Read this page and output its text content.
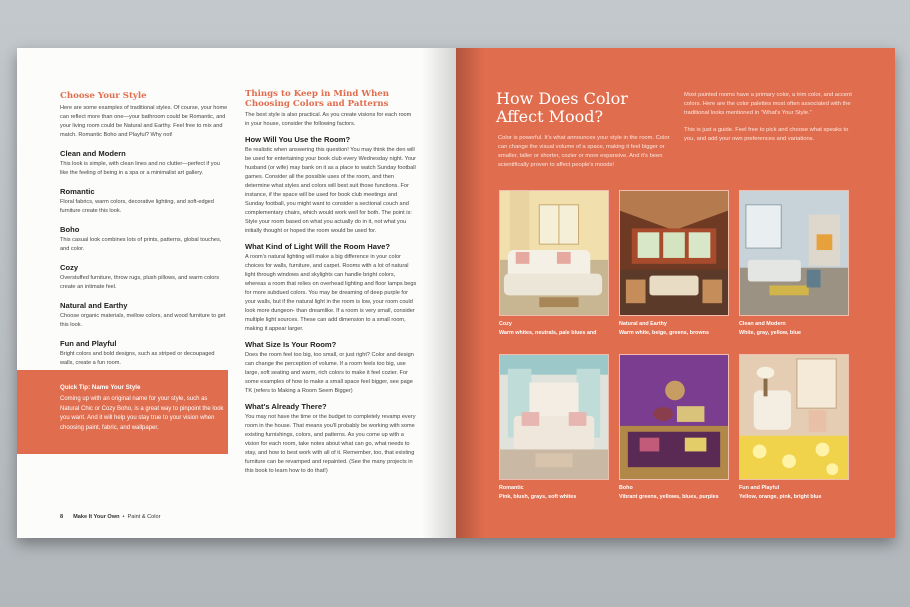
Choose Your Style

Here are some examples of traditional styles. Of course, your home can reflect more than one—your bathroom could be Romantic, and your living room could be Natural and Earthy. Feel free to mix and match. Romantic Boho and Playful? Why not!

Clean and Modern

This look is simple, with clean lines and no clutter—perfect if you like the feeling of being in a spa or a minimalist art gallery.

Romantic

Floral fabrics, warm colors, decorative lighting, and soft-edged furniture create this look.

Boho

This casual look combines lots of prints, patterns, global touches, and color.

Cozy

Overstuffed furniture, throw rugs, plush pillows, and warm colors create an intimate feel.

Natural and Earthy

Choose organic materials, mellow colors, and wood furniture to get this look.

Fun and Playful

Bright colors and bold designs, such as striped or decoupaged walls, create a fun room.

Quick Tip: Name Your Style
Coming up with an original name for your style, such as Natural Chic or Cozy Boho, is a great way to pinpoint the look you want. And it will help you stay true to your vision when choosing paint, fabric, and wallpaper.
Things to Keep in Mind When
Choosing Colors and Patterns

The best style is also practical. As you create visions for each room in your house, consider the following factors.

How Will You Use the Room?

Be realistic when answering this question! You may think the den will be used for entertaining your book club every Wednesday night. Your husband (or wife) may bank on it as a place to watch Sunday football games. Consider all the possible uses of the room, and then determine what styles and colors will best suit those functions. For instance, if the space will be used for book club meetings and Sunday football, you might want to consider a sectional couch and complementary chairs, which would work well for both. The point is: Style your room based on what you actually do in it, not what you initially thought or hoped the room would be used for.

What Kind of Light Will the Room Have?

A room's natural lighting will make a big difference in your color choices for walls, furniture, and carpet. Rooms with a lot of natural light through windows and skylights can handle bright colors, whereas a room that relies on overhead lighting and floor lamps begs for more subdued colors. You may be dreaming of deep purple for your walls, but if the natural light in the room is low, your room could look more dungeon- than dreamlike. If a room is very small, consider multiple light sources. These can add dimension to a small room, making it appear larger.

What Size Is Your Room?

Does the room feel too big, too small, or just right? Color and design can change the perception of volume. If a room feels too big, use large, soft seating and warm, rich colors to make it feel cozier. For some examples of how to make a small space feel bigger, see page TK (refers to Making a Room Seem Bigger)

What's Already There?

You may not have the time or the budget to completely revamp every room in the house. That means you'll probably be working with some existing furnishings, colors, and patterns. As you come up with a vision for each room, take notes about what can go, what needs to stay, and how to best work with all of it. Remember, too, that existing furniture can be revamped and repainted. (See the many projects in this book to learn how to do that!)

8 Make It Your Own • Paint & Color
How Does Color
Affect Mood?
Color is powerful. It's what announces your style in the room. Color can change the visual volume of a space, making it feel bigger or smaller, taller or shorter, cozier or more expansive. And it's been scientifically proven to affect people's moods!

Most painted rooms have a primary color, a trim color, and accent colors. Here are the color palettes most often associated with the traditional looks mentioned in "What's Your Style."

This is just a guide. Feel free to pick and choose what speaks to you, and add your own preferences and variations.

Cozy
Warm whites, neutrals, pale blues and
Natural and Earthy
Warm white, beige, greens, browns
Clean and Modern
White, gray, yellow, blue
Romantic
Pink, blush, grays, soft whites
Boho
Vibrant greens, yellows, blues, purples
Fun and Playful
Yellow, orange, pink, bright blue
